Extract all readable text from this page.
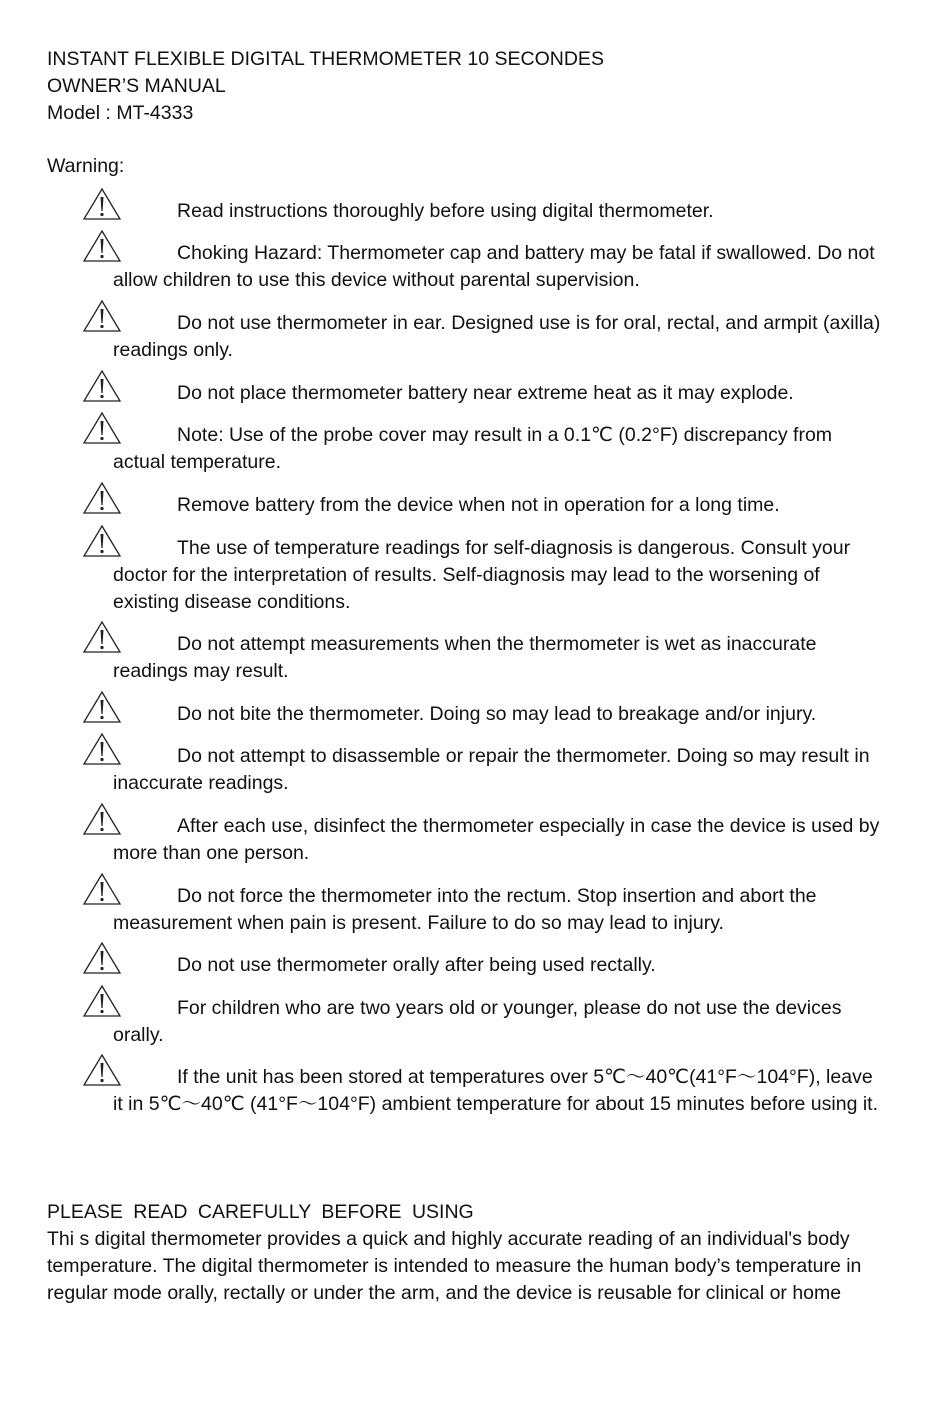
INSTANT FLEXIBLE DIGITAL THERMOMETER 10 SECONDES
OWNER’S MANUAL
Model : MT-4333
Warning:
Read instructions thoroughly before using digital thermometer.
Choking Hazard: Thermometer cap and battery may be fatal if swallowed. Do not allow children to use this device without parental supervision.
Do not use thermometer in ear. Designed use is for oral, rectal, and armpit (axilla) readings only.
Do not place thermometer battery near extreme heat as it may explode.
Note: Use of the probe cover may result in a 0.1℃ (0.2°F) discrepancy from actual temperature.
Remove battery from the device when not in operation for a long time.
The use of temperature readings for self-diagnosis is dangerous. Consult your doctor for the interpretation of results. Self-diagnosis may lead to the worsening of existing disease conditions.
Do not attempt measurements when the thermometer is wet as inaccurate readings may result.
Do not bite the thermometer. Doing so may lead to breakage and/or injury.
Do not attempt to disassemble or repair the thermometer. Doing so may result in inaccurate readings.
After each use, disinfect the thermometer especially in case the device is used by more than one person.
Do not force the thermometer into the rectum. Stop insertion and abort the measurement when pain is present. Failure to do so may lead to injury.
Do not use thermometer orally after being used rectally.
For children who are two years old or younger, please do not use the devices orally.
If the unit has been stored at temperatures over 5℃～40℃(41°F～104°F), leave it in 5℃～40℃ (41°F～104°F) ambient temperature for about 15 minutes before using it.
PLEASE READ CAREFULLY BEFORE USING
Thi s digital thermometer provides a quick and highly accurate reading of an individual's body temperature. The digital thermometer is intended to measure the human body’s temperature in regular mode orally, rectally or under the arm, and the device is reusable for clinical or home
